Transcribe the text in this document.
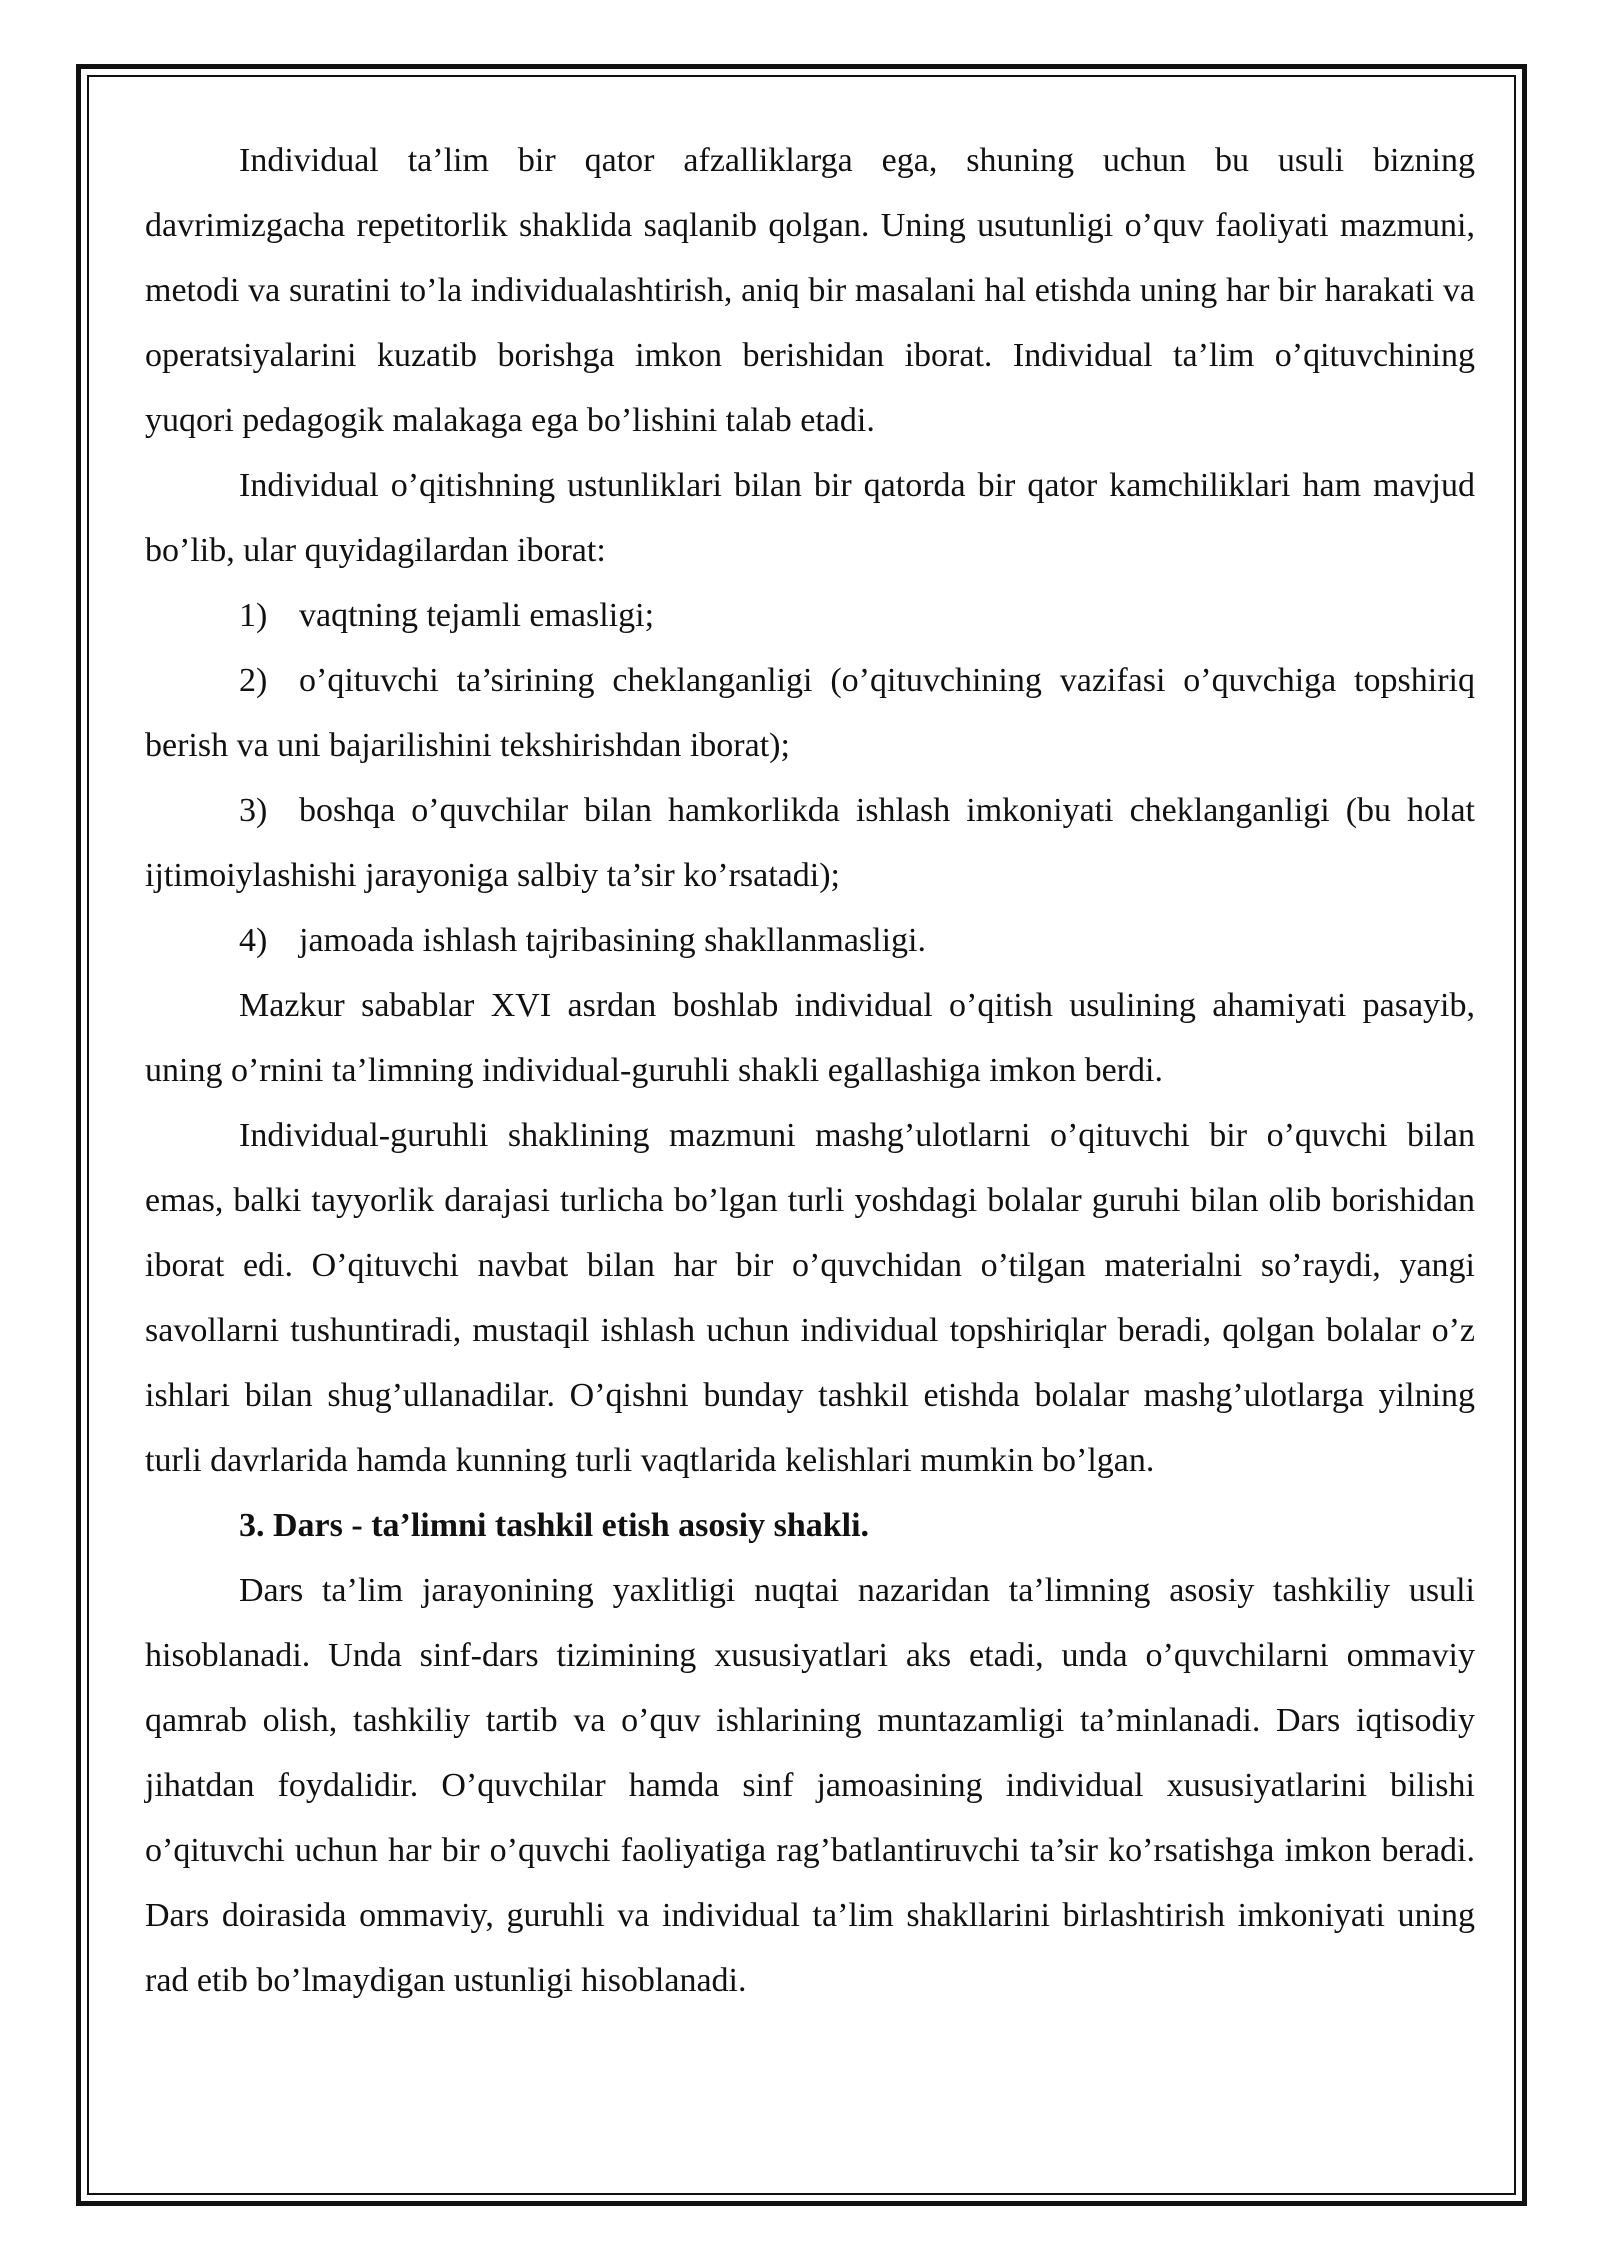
Individual ta’lim bir qator afzalliklarga ega, shuning uchun bu usuli bizning davrimizgacha repetitorlik shaklida saqlanib qolgan. Uning usutunligi o’quv faoliyati mazmuni, metodi va suratini to’la individualashtirish, aniq bir masalani hal etishda uning har bir harakati va operatsiyalarini kuzatib borishga imkon berishidan iborat. Individual ta’lim o’qituvchining yuqori pedagogik malakaga ega bo’lishini talab etadi.

Individual o’qitishning ustunliklari bilan bir qatorda bir qator kamchiliklari ham mavjud bo’lib, ular quyidagilardan iborat:

1) vaqtning tejamli emasligi;

2) o’qituvchi ta’sirining cheklanganligi (o’qituvchining vazifasi o’quvchiga topshiriq berish va uni bajarilishini tekshirishdan iborat);

3) boshqa o’quvchilar bilan hamkorlikda ishlash imkoniyati cheklanganligi (bu holat ijtimoiylashishi jarayoniga salbiy ta’sir ko’rsatadi);

4) jamoada ishlash tajribasining shakllanmasligi.

Mazkur sabablar XVI asrdan boshlab individual o’qitish usulining ahamiyati pasayib, uning o’rnini ta’limning individual-guruhli shakli egallashiga imkon berdi.

Individual-guruhli shaklining mazmuni mashg’ulotlarni o’qituvchi bir o’quvchi bilan emas, balki tayyorlik darajasi turlicha bo’lgan turli yoshdagi bolalar guruhi bilan olib borishidan iborat edi. O’qituvchi navbat bilan har bir o’quvchidan o’tilgan materialni so’raydi, yangi savollarni tushuntiradi, mustaqil ishlash uchun individual topshiriqlar beradi, qolgan bolalar o’z ishlari bilan shug’ullanadilar. O’qishni bunday tashkil etishda bolalar mashg’ulotlarga yilning turli davrlarida hamda kunning turli vaqtlarida kelishlari mumkin bo’lgan.

3. Dars - ta’limni tashkil etish asosiy shakli.

Dars ta’lim jarayonining yaxlitligi nuqtai nazaridan ta’limning asosiy tashkiliy usuli hisoblanadi. Unda sinf-dars tizimining xususiyatlari aks etadi, unda o’quvchilarni ommaviy qamrab olish, tashkiliy tartib va o’quv ishlarining muntazamligi ta’minlanadi. Dars iqtisodiy jihatdan foydalidir. O’quvchilar hamda sinf jamoasining individual xususiyatlarini bilishi o’qituvchi uchun har bir o’quvchi faoliyatiga rag’batlantiruvchi ta’sir ko’rsatishga imkon beradi. Dars doirasida ommaviy, guruhli va individual ta’lim shakllarini birlashtirish imkoniyati uning rad etib bo’lmaydigan ustunligi hisoblanadi.
